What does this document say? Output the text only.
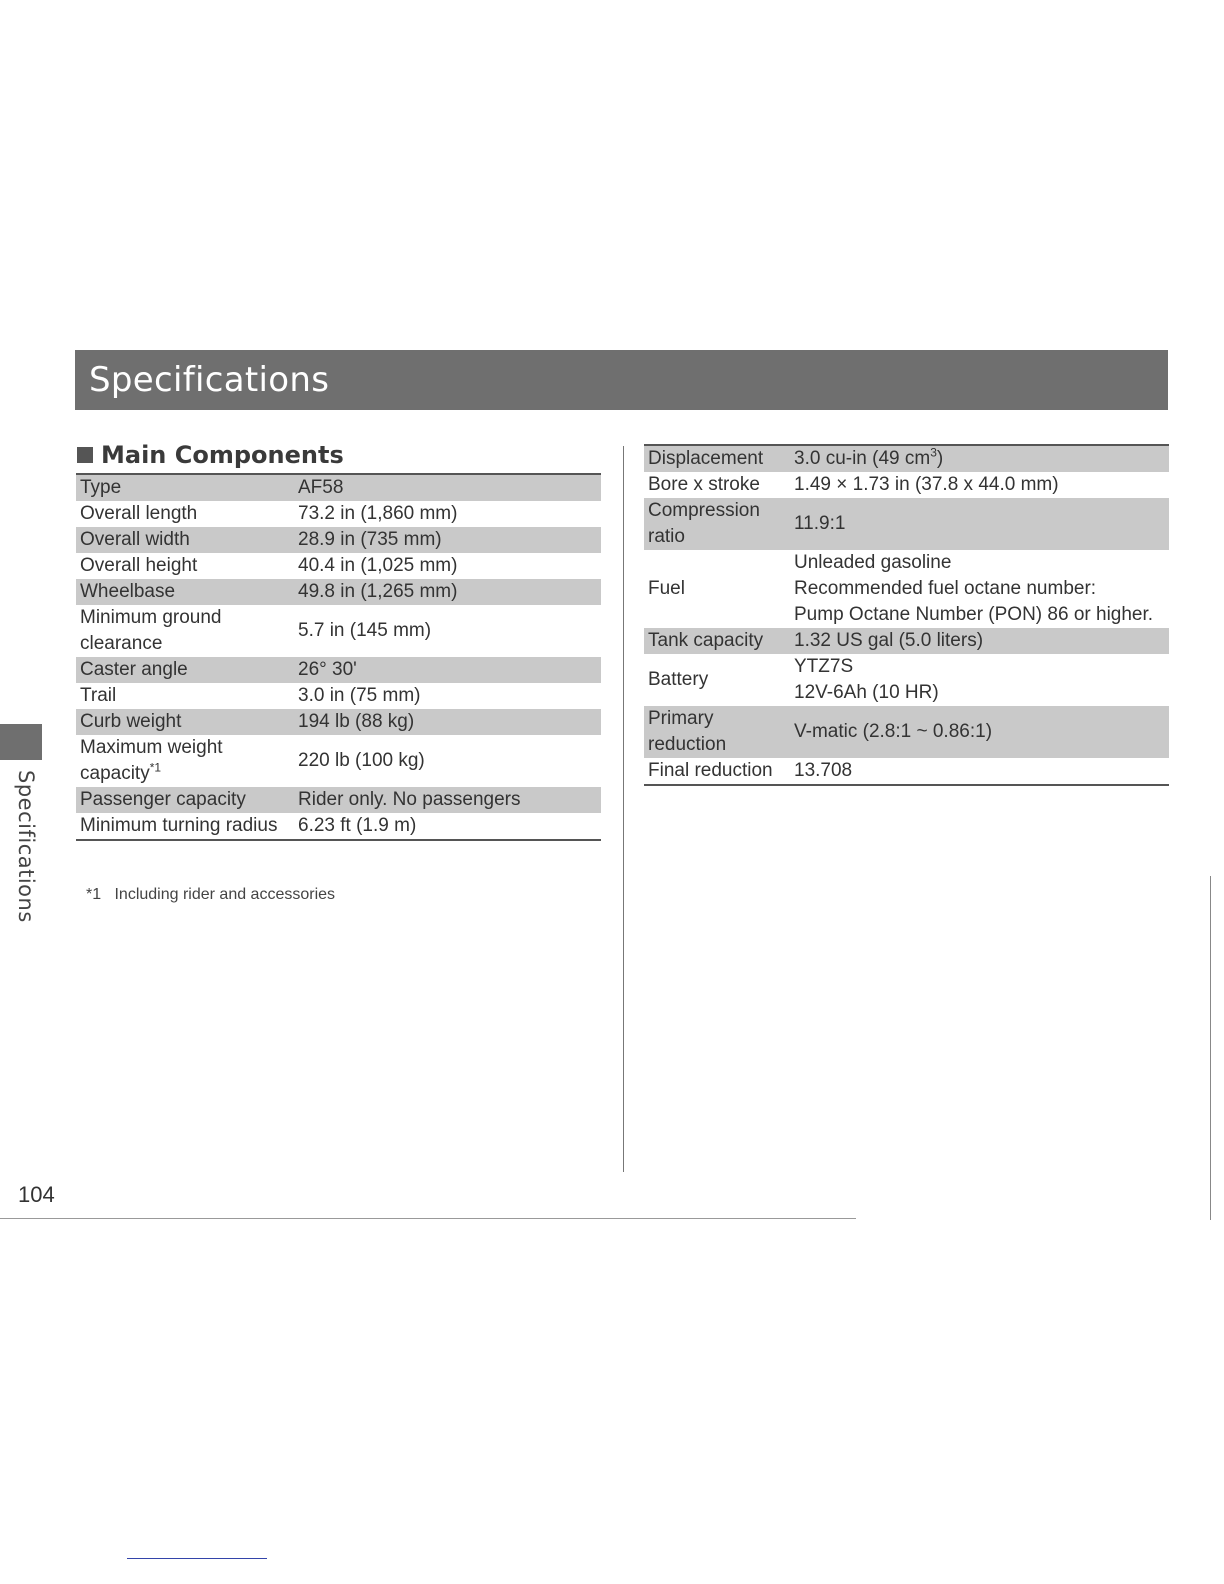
Specifications
Main Components
Type	AF58
Overall length	73.2 in (1,860 mm)
Overall width	28.9 in (735 mm)
Overall height	40.4 in (1,025 mm)
Wheelbase	49.8 in (1,265 mm)

Minimum ground
clearance	5.7 in (145 mm)
Caster angle	26° 30'
Trail	3.0 in (75 mm)
Curb weight	194 lb (88 kg)

Maximum weight
capacity$^{*1}$	220 lb (100 kg)
Passenger capacity	Rider only. No passengers
Minimum turning radius	6.23 ft (1.9 m)
*1 Including rider and accessories
Displacement	3.0 cu-in (49 $cm^3$)
Bore x stroke	1.49 × 1.73 in (37.8 x 44.0 mm)

Compression
ratio	11.9:1
Fuel	Unleaded gasoline
Recommended fuel octane number:
Pump Octane Number (PON) 86 or higher.

Tank capacity	1.32 US gal (5.0 liters)
Battery	YTZ7S
12V-6Ah (10 HR)

Primary reduction	V-matic (2.8:1 ~ 0.86:1)
Final reduction	13.708
Specifications
104
